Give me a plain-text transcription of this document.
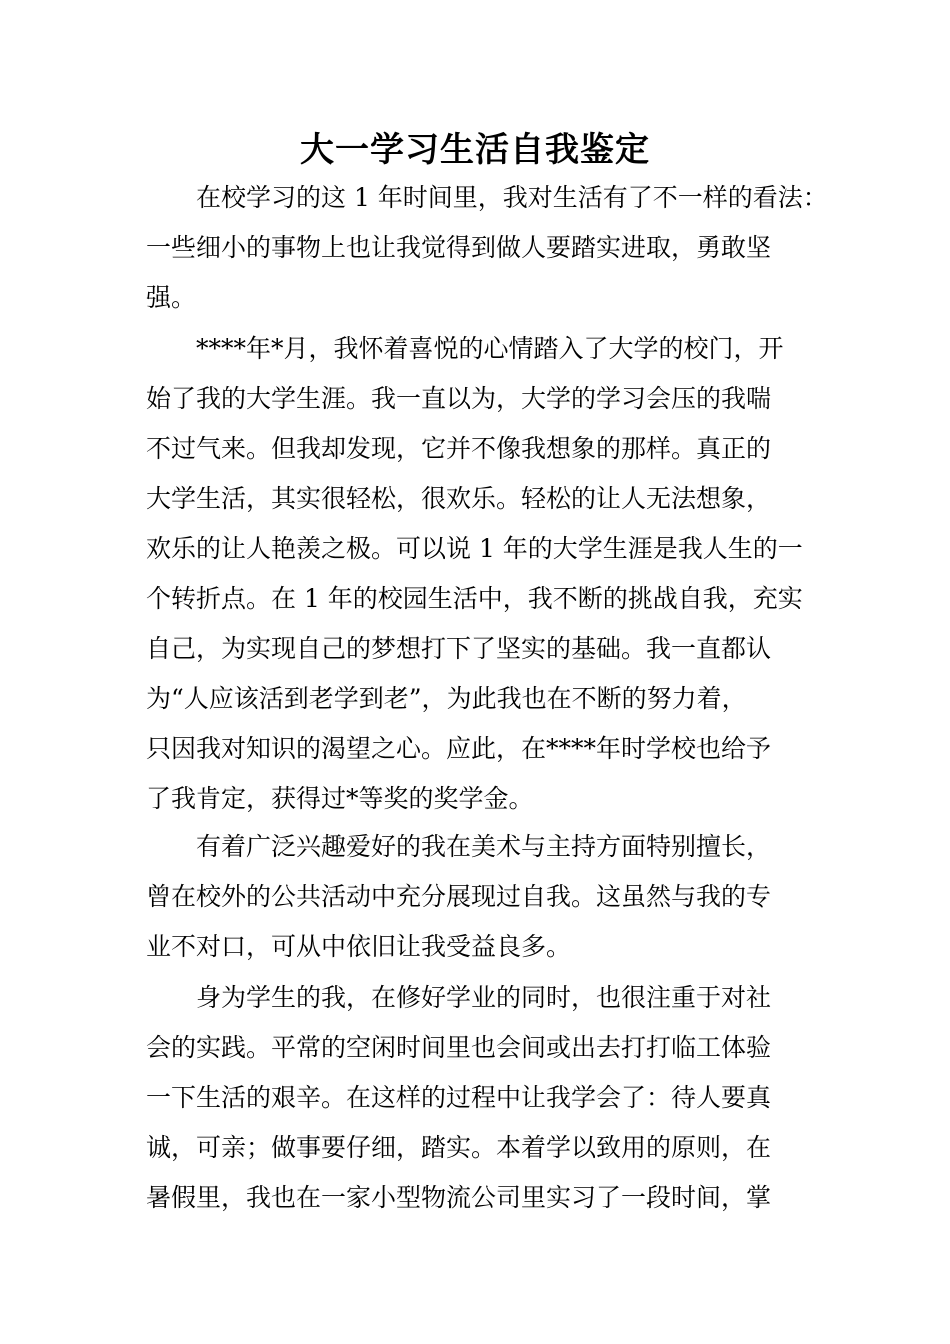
大一学习生活自我鉴定
在校学习的这 1 年时间里，我对生活有了不一样的看法：
一些细小的事物上也让我觉得到做人要踏实进取，勇敢坚
强。
****年*月，我怀着喜悦的心情踏入了大学的校门，开
始了我的大学生涯。我一直以为，大学的学习会压的我喘
不过气来。但我却发现，它并不像我想象的那样。真正的
大学生活，其实很轻松，很欢乐。轻松的让人无法想象，
欢乐的让人艳羡之极。可以说 1 年的大学生涯是我人生的一
个转折点。在 1 年的校园生活中，我不断的挑战自我，充实
自己，为实现自己的梦想打下了坚实的基础。我一直都认
为“人应该活到老学到老”，为此我也在不断的努力着，
只因我对知识的渴望之心。应此，在****年时学校也给予
了我肯定，获得过*等奖的奖学金。
有着广泛兴趣爱好的我在美术与主持方面特别擅长，
曾在校外的公共活动中充分展现过自我。这虽然与我的专
业不对口，可从中依旧让我受益良多。
身为学生的我，在修好学业的同时，也很注重于对社
会的实践。平常的空闲时间里也会间或出去打打临工体验
一下生活的艰辛。在这样的过程中让我学会了：待人要真
诚，可亲；做事要仔细，踏实。本着学以致用的原则，在
暑假里，我也在一家小型物流公司里实习了一段时间，掌
